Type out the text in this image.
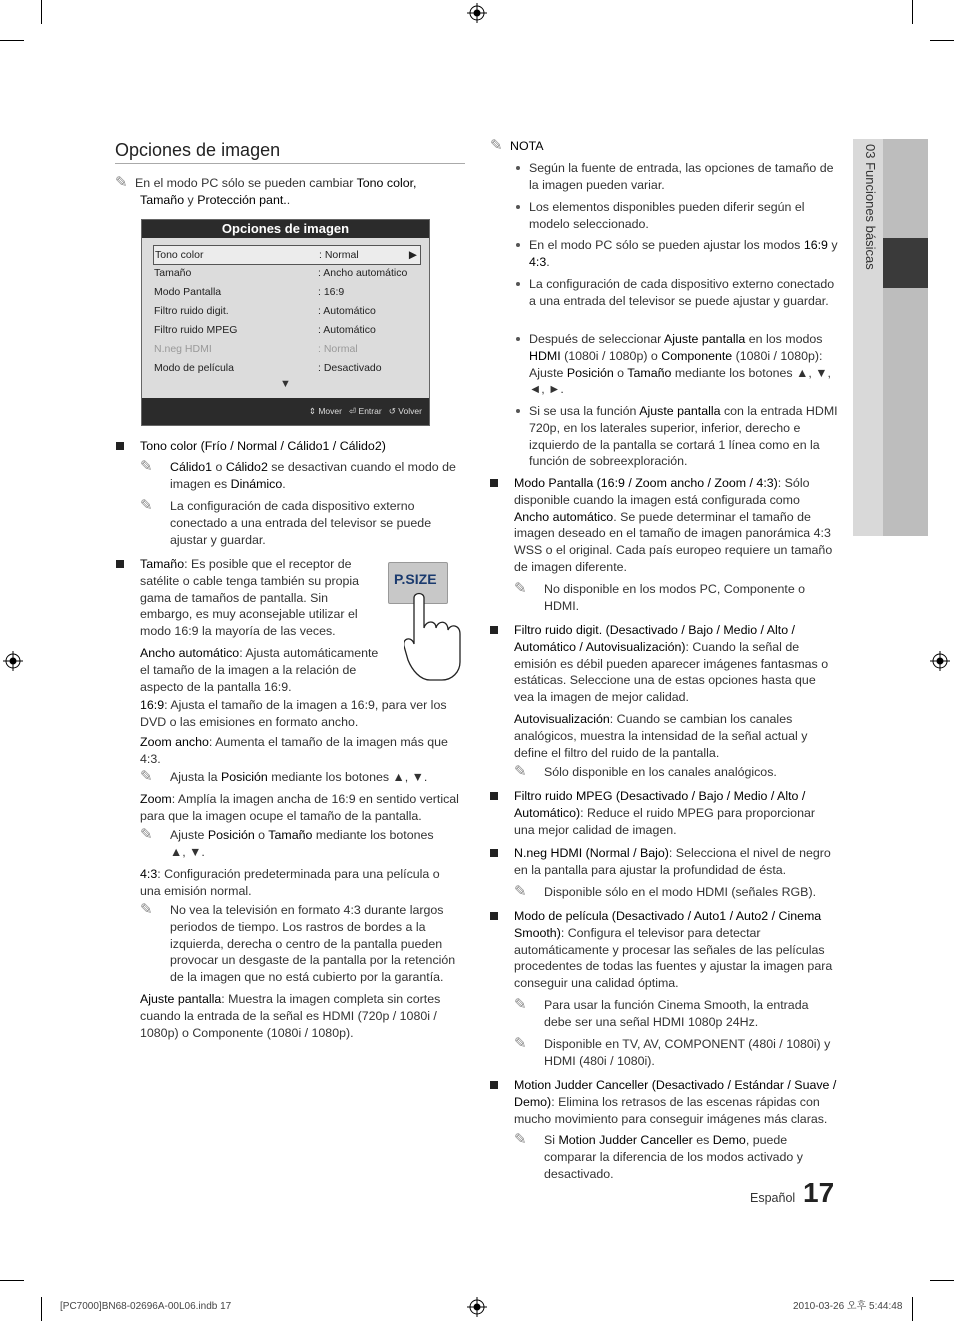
03 Funciones básicas
Opciones de imagen
✎ En el modo PC sólo se pueden cambiar Tono color,
Tamaño y Protección pant..
Opciones de imagen
Tono color	: Normal	▶
Tamaño	: Ancho automático
Modo Pantalla	: 16:9
Filtro ruido digit.	: Automático
Filtro ruido MPEG	: Automático
N.neg HDMI	: Normal
Modo de película	: Desactivado
▼
⇕ Mover ⏎ Entrar ↺ Volver
Tono color (Frío / Normal / Cálido1 / Cálido2)
✎	Cálido1 o Cálido2 se desactivan cuando el modo de imagen es Dinámico.
✎	La configuración de cada dispositivo externo conectado a una entrada del televisor se puede ajustar y guardar.
Tamaño: Es posible que el receptor de satélite o cable tenga también su propia gama de tamaños de pantalla. Sin embargo, es muy aconsejable utilizar el modo 16:9 la mayoría de las veces.
P.SIZE
Ancho automático: Ajusta automáticamente el tamaño de la imagen a la relación de aspecto de la pantalla 16:9.
16:9: Ajusta el tamaño de la imagen a 16:9, para ver los DVD o las emisiones en formato ancho.
Zoom ancho: Aumenta el tamaño de la imagen más que 4:3.
✎	Ajusta la Posición mediante los botones ▲, ▼.
Zoom: Amplía la imagen ancha de 16:9 en sentido vertical para que la imagen ocupe el tamaño de la pantalla.
✎	Ajuste Posición o Tamaño mediante los botones ▲, ▼.
4:3: Configuración predeterminada para una película o una emisión normal.
✎	No vea la televisión en formato 4:3 durante largos periodos de tiempo. Los rastros de bordes a la izquierda, derecha o centro de la pantalla pueden provocar un desgaste de la pantalla por la retención de la imagen que no está cubierto por la garantía.
Ajuste pantalla: Muestra la imagen completa sin cortes cuando la entrada de la señal es HDMI (720p / 1080i / 1080p) o Componente (1080i / 1080p).
✎ NOTA
Según la fuente de entrada, las opciones de tamaño de la imagen pueden variar.
Los elementos disponibles pueden diferir según el modelo seleccionado.
En el modo PC sólo se pueden ajustar los modos 16:9 y 4:3.
La configuración de cada dispositivo externo conectado a una entrada del televisor se puede ajustar y guardar.
Después de seleccionar Ajuste pantalla en los modos HDMI (1080i / 1080p) o Componente (1080i / 1080p): Ajuste Posición o Tamaño mediante los botones ▲, ▼, ◄, ►.
Si se usa la función Ajuste pantalla con la entrada HDMI 720p, en los laterales superior, inferior, derecho e izquierdo de la pantalla se cortará 1 línea como en la función de sobreexploración.
Modo Pantalla (16:9 / Zoom ancho / Zoom / 4:3): Sólo disponible cuando la imagen está configurada como Ancho automático. Se puede determinar el tamaño de imagen deseado en el tamaño de imagen panorámica 4:3 WSS o el original. Cada país europeo requiere un tamaño de imagen diferente.
✎	No disponible en los modos PC, Componente o HDMI.
Filtro ruido digit. (Desactivado / Bajo / Medio / Alto / Automático / Autovisualización): Cuando la señal de emisión es débil pueden aparecer imágenes fantasmas o estáticas. Seleccione una de estas opciones hasta que vea la imagen de mejor calidad.
Autovisualización: Cuando se cambian los canales analógicos, muestra la intensidad de la señal actual y define el filtro del ruido de la pantalla.
✎	Sólo disponible en los canales analógicos.
Filtro ruido MPEG (Desactivado / Bajo / Medio / Alto / Automático): Reduce el ruido MPEG para proporcionar una mejor calidad de imagen.
N.neg HDMI (Normal / Bajo): Selecciona el nivel de negro en la pantalla para ajustar la profundidad de ésta.
✎	Disponible sólo en el modo HDMI (señales RGB).
Modo de película (Desactivado / Auto1 / Auto2 / Cinema Smooth): Configura el televisor para detectar automáticamente y procesar las señales de las películas procedentes de todas las fuentes y ajustar la imagen para conseguir una calidad óptima.
✎	Para usar la función Cinema Smooth, la entrada debe ser una señal HDMI 1080p 24Hz.
✎	Disponible en TV, AV, COMPONENT (480i / 1080i) y HDMI (480i / 1080i).
Motion Judder Canceller (Desactivado / Estándar / Suave / Demo): Elimina los retrasos de las escenas rápidas con mucho movimiento para conseguir imágenes más claras.
✎	Si Motion Judder Canceller es Demo, puede comparar la diferencia de los modos activado y desactivado.
Español 17
[PC7000]BN68-02696A-00L06.indb 17	2010-03-26 오후 5:44:48
